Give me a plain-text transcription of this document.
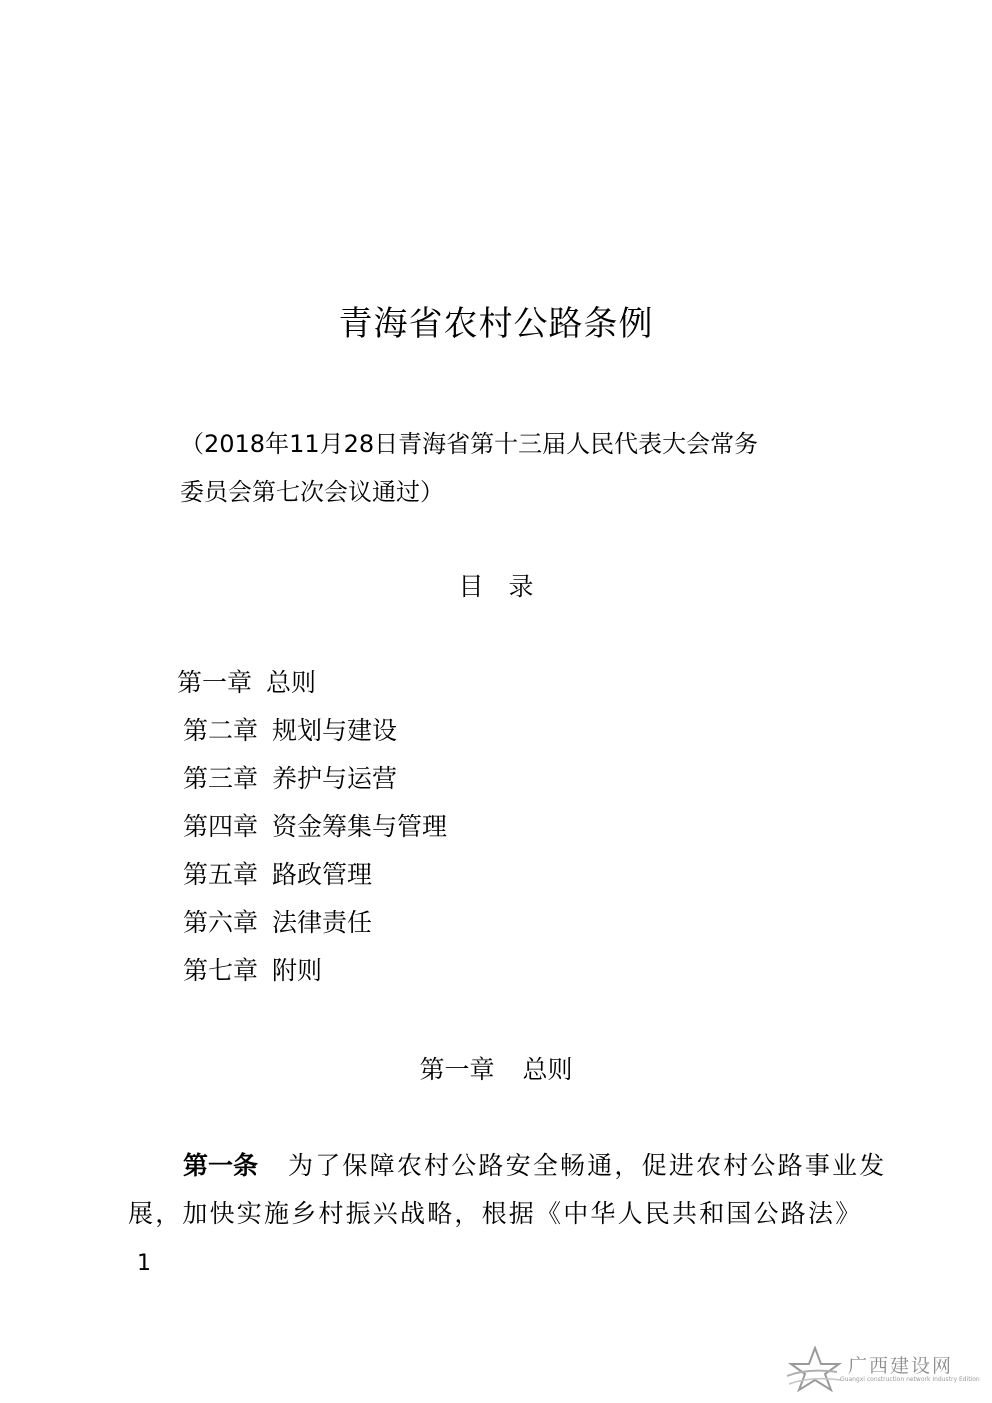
青海省农村公路条例
（2018年11月28日青海省第十三届人民代表大会常务
委员会第七次会议通过）
目　录
第一章 总则
第二章 规划与建设
第三章 养护与运营
第四章 资金筹集与管理
第五章 路政管理
第六章 法律责任
第七章 附则
第一章 总则
第一条 为了保障农村公路安全畅通，促进农村公路事业发
展，加快实施乡村振兴战略，根据《中华人民共和国公路法》
1
广西建设网
Guangxi construction network Industry Edition
